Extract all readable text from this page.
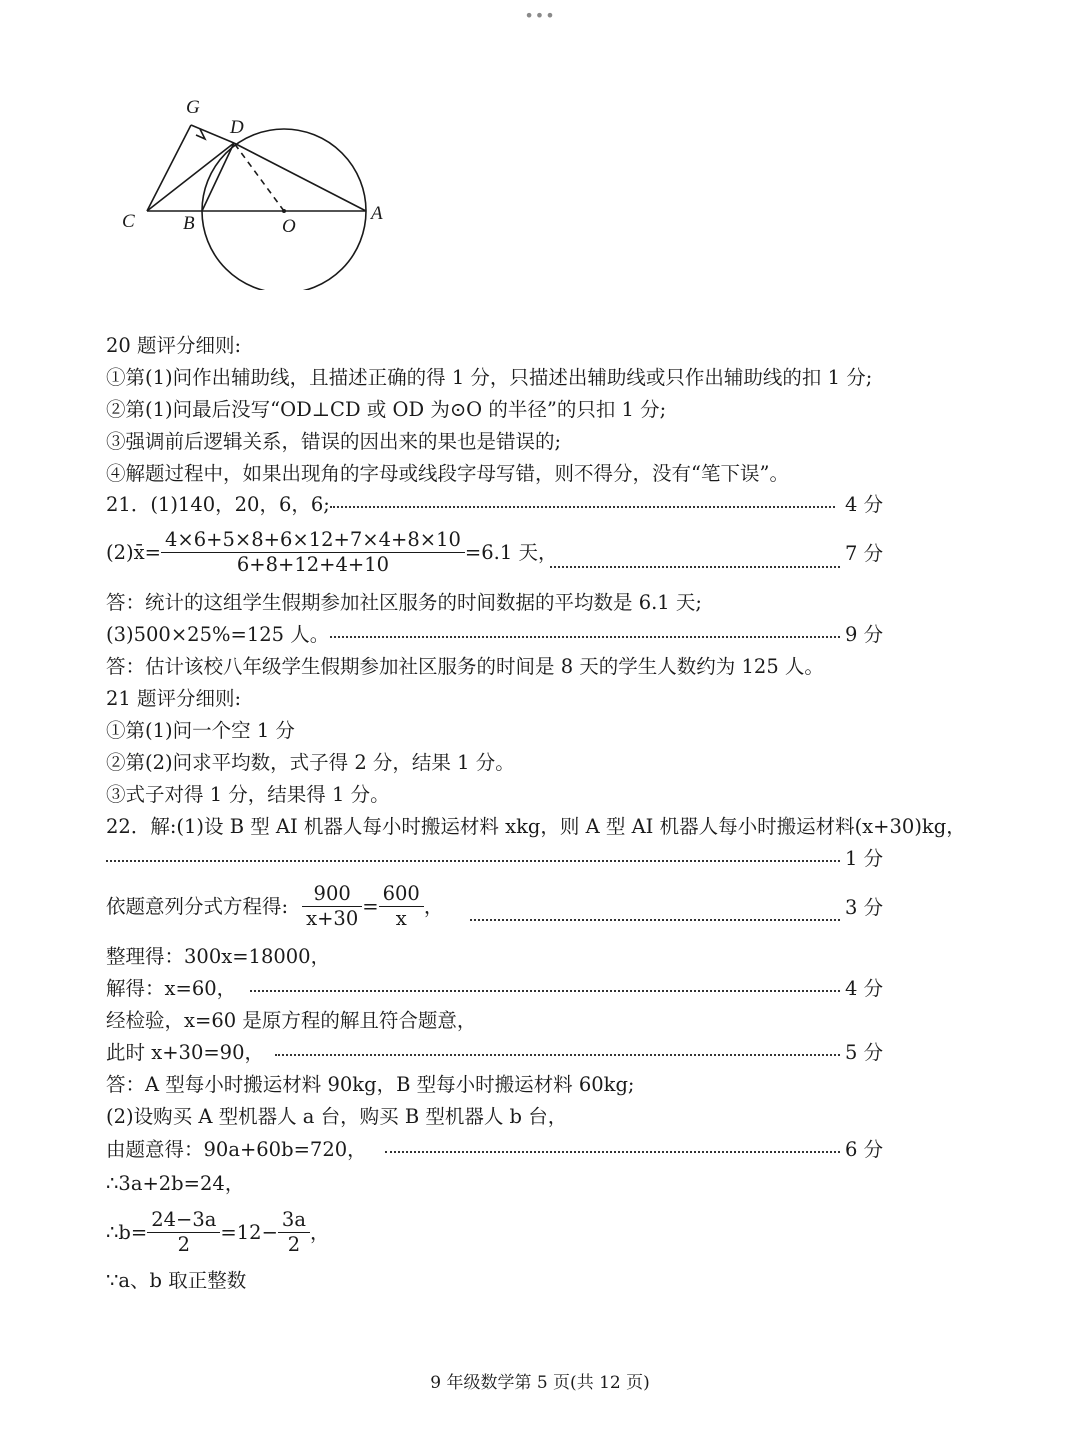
•••
G
D
C	B	O
A
20 题评分细则:
①第(1)问作出辅助线，且描述正确的得 1 分，只描述出辅助线或只作出辅助线的扣 1 分;
②第(1)问最后没写“OD⊥CD 或 OD 为⊙O 的半径”的只扣 1 分;
③强调前后逻辑关系，错误的因出来的果也是错误的;
④解题过程中，如果出现角的字母或线段字母写错，则不得分，没有“笔下误”。
21．(1)140，20，6，6;	4 分
(2) x̄ = $\frac{4\times 6+5\times 8+6\times 12+7\times 4+8\times 10}{6+8+12+4+10} =6.1$ 天，	7 分
答：统计的这组学生假期参加社区服务的时间数据的平均数是 6.1 天;
(3)500×25%=125 人。	9 分
答：估计该校八年级学生假期参加社区服务的时间是 8 天的学生人数约为 125 人。
21 题评分细则:
①第(1)问一个空 1 分
②第(2)问求平均数，式子得 2 分，结果 1 分。
③式子对得 1 分，结果得 1 分。
22．解:(1)设 B 型 AI 机器人每小时搬运材料 xkg，则 A 型 AI 机器人每小时搬运材料(x+30)kg，
1 分
依题意列分式方程得: $\frac{900}{x+30} = \frac{600}{x}$ ，	3 分
整理得：300x=18000，
解得：x=60，	4 分
经检验，x=60 是原方程的解且符合题意，
此时 x+30=90，	5 分
答：A 型每小时搬运材料 90kg，B 型每小时搬运材料 60kg;
(2)设购买 A 型机器人 a 台，购买 B 型机器人 b 台，
由题意得：90a+60b=720，	6 分
∴3a+2b=24，
∴b= $\frac{24-3a}{2} =12- \frac{3a}{2}$ ，
∵a、b 取正整数
9 年级数学第 5 页(共 12 页)
